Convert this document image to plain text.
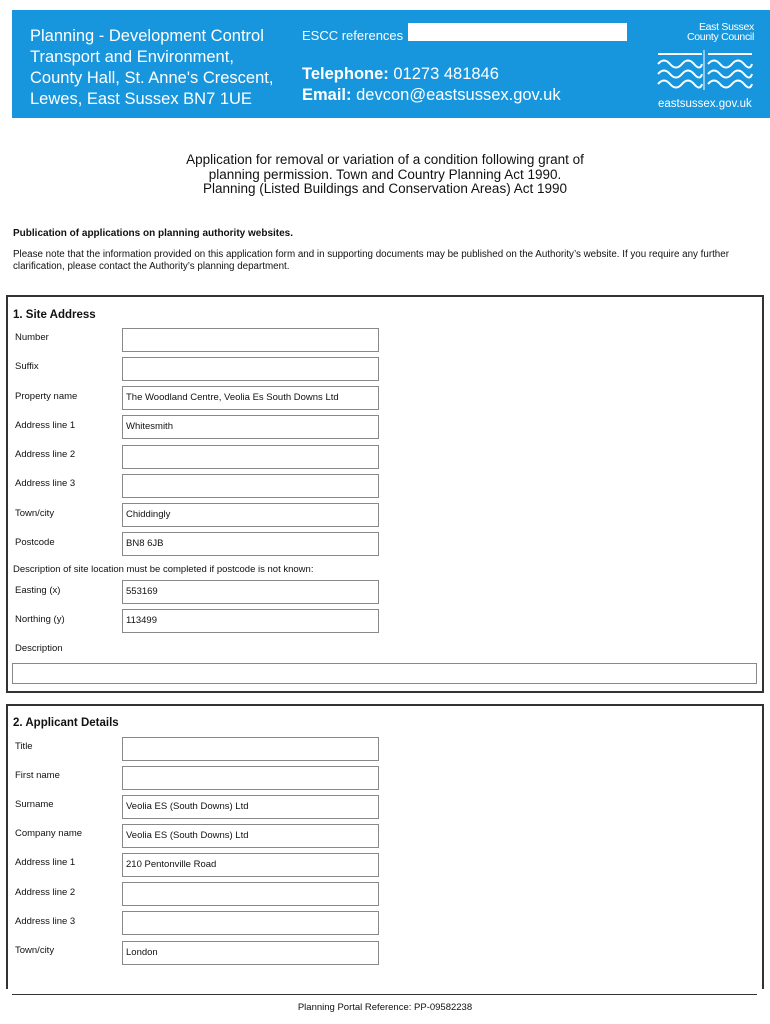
Planning - Development Control
Transport and Environment,
County Hall, St. Anne's Crescent,
Lewes, East Sussex BN7 1UE
ESCC references
Telephone: 01273 481846
Email: devcon@eastsussex.gov.uk
East Sussex
County Council
eastsussex.gov.uk
Application for removal or variation of a condition following grant of
planning permission. Town and Country Planning Act 1990.
Planning (Listed Buildings and Conservation Areas) Act 1990
Publication of applications on planning authority websites.
Please note that the information provided on this application form and in supporting documents may be published on the Authority’s website. If you require any further clarification, please contact the Authority’s planning department.
1. Site Address
Number
Suffix
Property name	The Woodland Centre, Veolia Es South Downs Ltd
Address line 1	Whitesmith
Address line 2
Address line 3
Town/city	Chiddingly
Postcode	BN8 6JB
Description of site location must be completed if postcode is not known:
Easting (x)	553169
Northing (y)	113499
Description
2. Applicant Details
Title
First name
Surname	Veolia ES (South Downs) Ltd
Company name	Veolia ES (South Downs) Ltd
Address line 1	210 Pentonville Road
Address line 2
Address line 3
Town/city	London
Planning Portal Reference: PP-09582238
